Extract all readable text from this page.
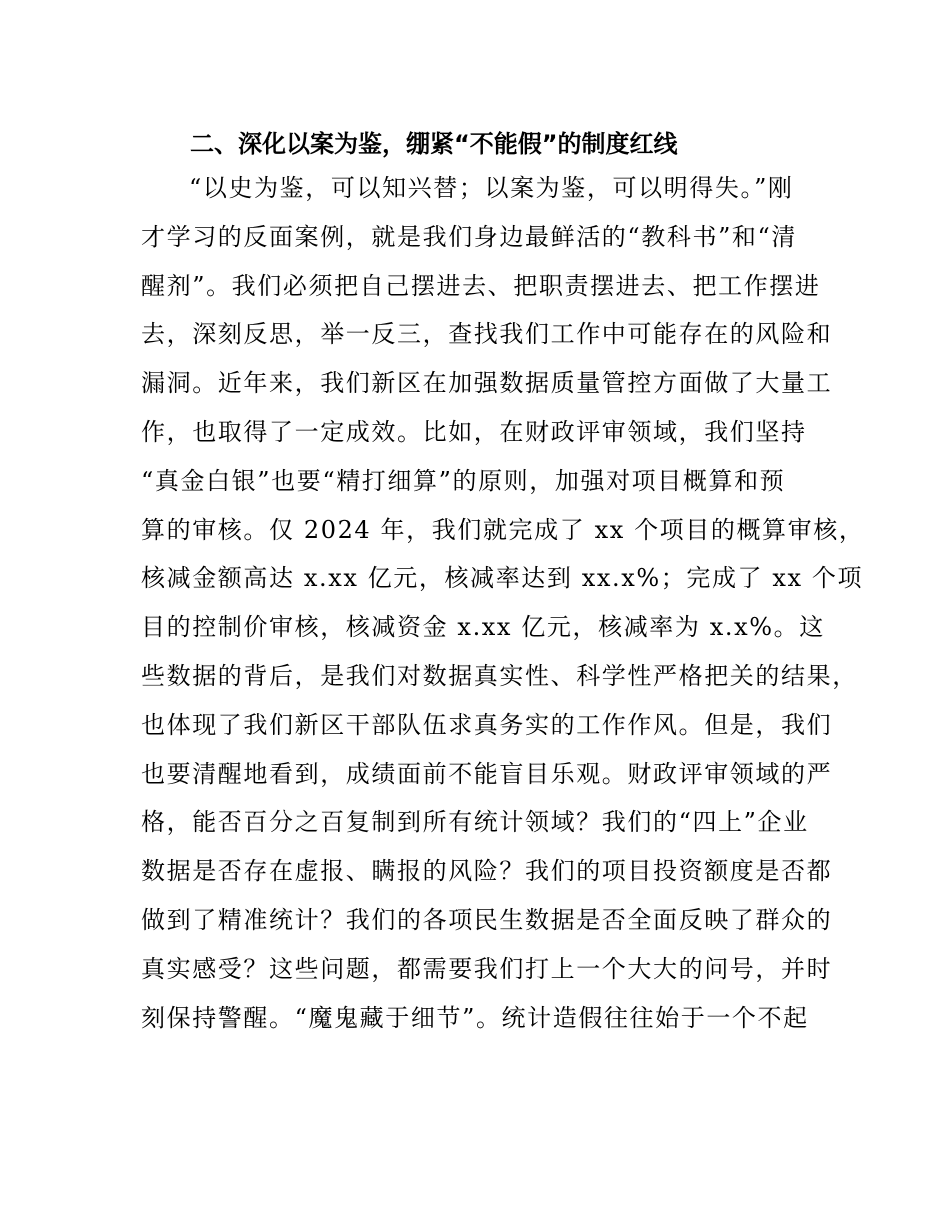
二、深化以案为鉴，绷紧“不能假”的制度红线
“以史为鉴，可以知兴替；以案为鉴，可以明得失。”刚
才学习的反面案例，就是我们身边最鲜活的“教科书”和“清
醒剂”。我们必须把自己摆进去、把职责摆进去、把工作摆进
去，深刻反思，举一反三，查找我们工作中可能存在的风险和
漏洞。近年来，我们新区在加强数据质量管控方面做了大量工
作，也取得了一定成效。比如，在财政评审领域，我们坚持
“真金白银”也要“精打细算”的原则，加强对项目概算和预
算的审核。仅 2024 年，我们就完成了 xx 个项目的概算审核，
核减金额高达 x.xx 亿元，核减率达到 xx.x%；完成了 xx 个项
目的控制价审核，核减资金 x.xx 亿元，核减率为 x.x%。这
些数据的背后，是我们对数据真实性、科学性严格把关的结果，
也体现了我们新区干部队伍求真务实的工作作风。但是，我们
也要清醒地看到，成绩面前不能盲目乐观。财政评审领域的严
格，能否百分之百复制到所有统计领域？我们的“四上”企业
数据是否存在虚报、瞒报的风险？我们的项目投资额度是否都
做到了精准统计？我们的各项民生数据是否全面反映了群众的
真实感受？这些问题，都需要我们打上一个大大的问号，并时
刻保持警醒。“魔鬼藏于细节”。统计造假往往始于一个不起
